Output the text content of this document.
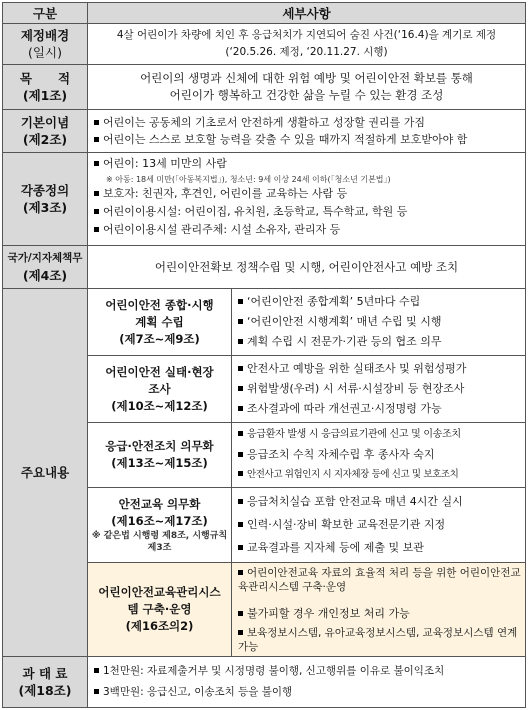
구분	세부사항
제정배경
(일시)
4살 어린이가 차량에 치인 후 응급처치가 지연되어 숨진 사건(‘16.4)을 계기로 제정
(‘20.5.26. 제정, ‘20.11.27. 시행)
목      적
(제1조)
어린이의 생명과 신체에 대한 위험 예방 및 어린이안전 확보를 통해
어린이가 행복하고 건강한 삶을 누릴 수 있는 환경 조성
기본이념
(제2조)
어린이는 공동체의 기초로서 안전하게 생활하고 성장할 권리를 가짐
어린이는 스스로 보호할 능력을 갖출 수 있을 때까지 적절하게 보호받아야 함
각종정의
(제3조)
어린이: 13세 미만의 사람
※ 아동: 18세 미만(「아동복지법」), 청소년: 9세 이상 24세 이하(「청소년 기본법」)
보호자: 친권자, 후견인, 어린이를 교육하는 사람 등
어린이이용시설: 어린이집, 유치원, 초등학교, 특수학교, 학원 등
어린이이용시설 관리주체: 시설 소유자, 관리자 등
국가/지자체책무
(제4조)
어린이안전확보 정책수립 및 시행, 어린이안전사고 예방 조치
주요내용
어린이안전 종합·시행 계획 수립
(제7조~제9조)
‘어린이안전 종합계획’ 5년마다 수립
‘어린이안전 시행계획’ 매년 수립 및 시행
계획 수립 시 전문가·기관 등의 협조 의무
어린이안전 실태·현장 조사
(제10조~제12조)
안전사고 예방을 위한 실태조사 및 위험성평가
위험발생(우려) 시 서류·시설장비 등 현장조사
조사결과에 따라 개선권고·시정명령 가능
응급·안전조치 의무화
(제13조~제15조)
응급환자 발생 시 응급의료기관에 신고 및 이송조치
응급조치 수칙 자체수립 후 종사자 숙지
안전사고 위험인지 시 지자체장 등에 신고 및 보호조치
안전교육 의무화
(제16조~제17조)
※ 같은법 시행령 제8조, 시행규칙 제3조
응급처치실습 포함 안전교육 매년 4시간 실시
인력·시설·장비 확보한 교육전문기관 지정
교육결과를 지자체 등에 제출 및 보관
어린이안전교육관리시스템 구축·운영
(제16조의2)
어린이안전교육 자료의 효율적 처리 등을 위한 어린이안전교육관리시스템 구축·운영
불가피할 경우 개인정보 처리 가능
보육정보시스템, 유아교육정보시스템, 교육정보시스템 연계 가능
과 태 료
(제18조)
1천만원: 자료제출거부 및 시정명령 불이행, 신고행위를 이유로 불이익조치
3백만원: 응급신고, 이송조치 등을 불이행
